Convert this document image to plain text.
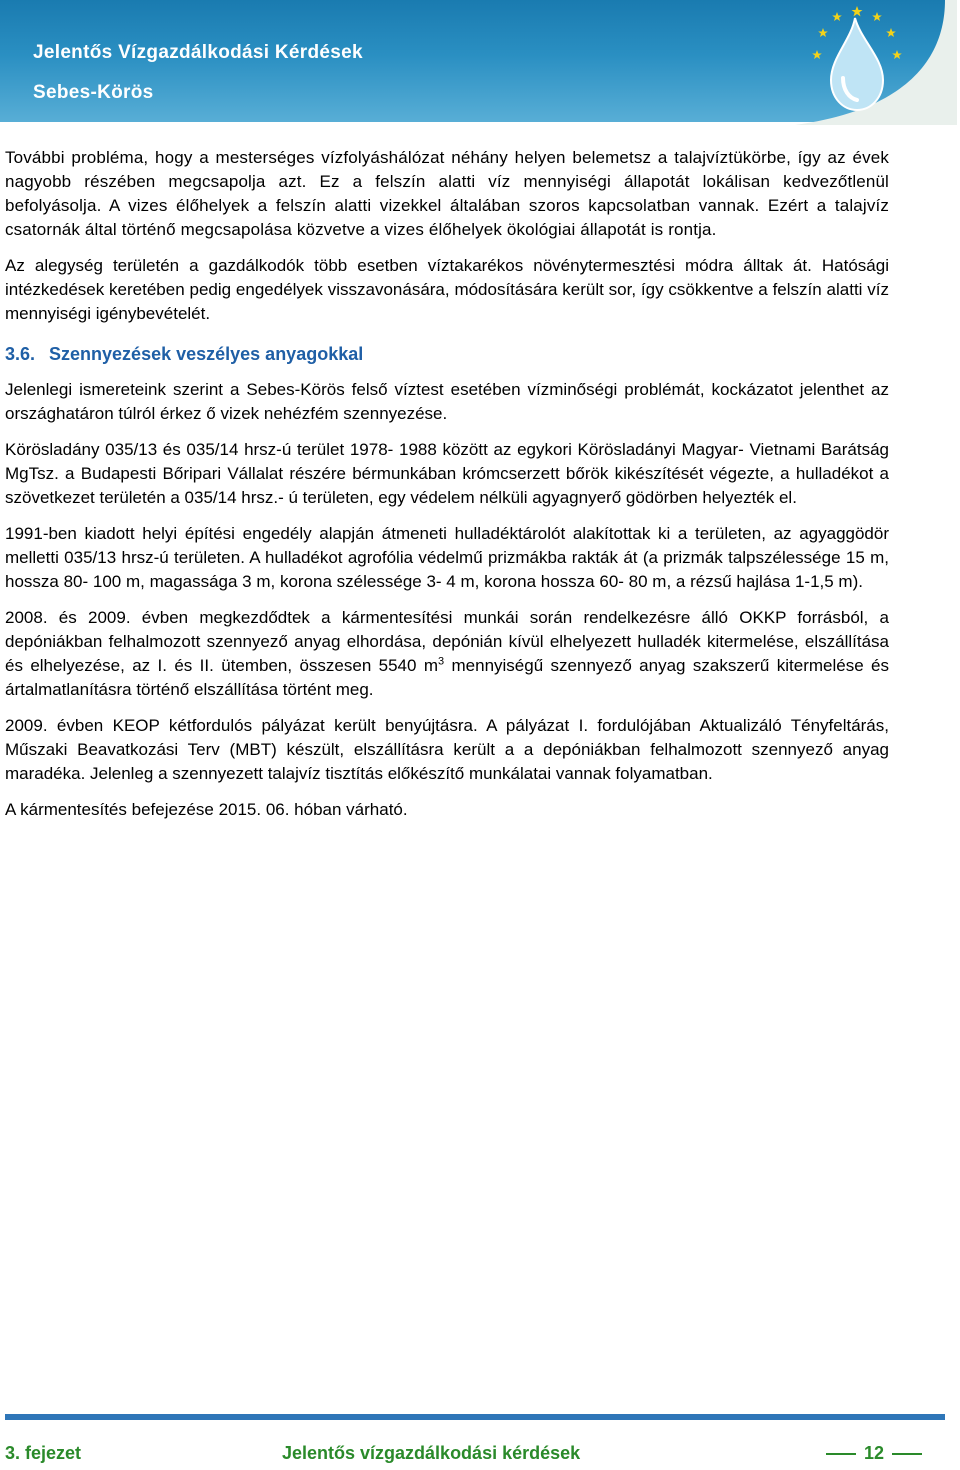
Jelentős Vízgazdálkodási Kérdések
Sebes-Körös

További probléma, hogy a mesterséges vízfolyáshálózat néhány helyen belemetsz a talajvíztükörbe, így az évek nagyobb részében megcsapolja azt. Ez a felszín alatti víz mennyiségi állapotát lokálisan kedvezőtlenül befolyásolja. A vizes élőhelyek a felszín alatti vizekkel általában szoros kapcsolatban vannak. Ezért a talajvíz csatornák által történő megcsapolása közvetve a vizes élőhelyek ökológiai állapotát is rontja.

Az alegység területén a gazdálkodók több esetben víztakarékos növénytermesztési módra álltak át. Hatósági intézkedések keretében pedig engedélyek visszavonására, módosítására került sor, így csökkentve a felszín alatti víz mennyiségi igénybevételét.

3.6. Szennyezések veszélyes anyagokkal

Jelenlegi ismereteink szerint a Sebes-Körös felső víztest esetében vízminőségi problémát, kockázatot jelenthet az országhatáron túlról érkez ő vizek nehézfém szennyezése.

Körösladány 035/13 és 035/14 hrsz-ú terület 1978- 1988 között az egykori Körösladányi Magyar- Vietnami Barátság MgTsz. a Budapesti Bőripari Vállalat részére bérmunkában krómcserzett bőrök kikészítését végezte, a hulladékot a szövetkezet területén a 035/14 hrsz.- ú területen, egy védelem nélküli agyagnyerő gödörben helyezték el.

1991-ben kiadott helyi építési engedély alapján átmeneti hulladéktárolót alakítottak ki a területen, az agyaggödör melletti 035/13 hrsz-ú területen. A hulladékot agrofólia védelmű prizmákba rakták át (a prizmák talpszélessége 15 m, hossza 80- 100 m, magassága 3 m, korona szélessége 3- 4 m, korona hossza 60- 80 m, a rézsű hajlása 1-1,5 m).

2008. és 2009. évben megkezdődtek a kármentesítési munkái során rendelkezésre álló OKKP forrásból, a depóniákban felhalmozott szennyező anyag elhordása, depónián kívül elhelyezett hulladék kitermelése, elszállítása és elhelyezése, az I. és II. ütemben, összesen 5540 $m^3$ mennyiségű szennyező anyag szakszerű kitermelése és ártalmatlanításra történő elszállítása történt meg.

2009. évben KEOP kétfordulós pályázat került benyújtásra. A pályázat I. fordulójában Aktualizáló Tényfeltárás, Műszaki Beavatkozási Terv (MBT) készült, elszállításra került a a depóniákban felhalmozott szennyező anyag maradéka. Jelenleg a szennyezett talajvíz tisztítás előkészítő munkálatai vannak folyamatban.

A kármentesítés befejezése 2015. 06. hóban várható.

3. fejezet	Jelentős vízgazdálkodási kérdések	12
